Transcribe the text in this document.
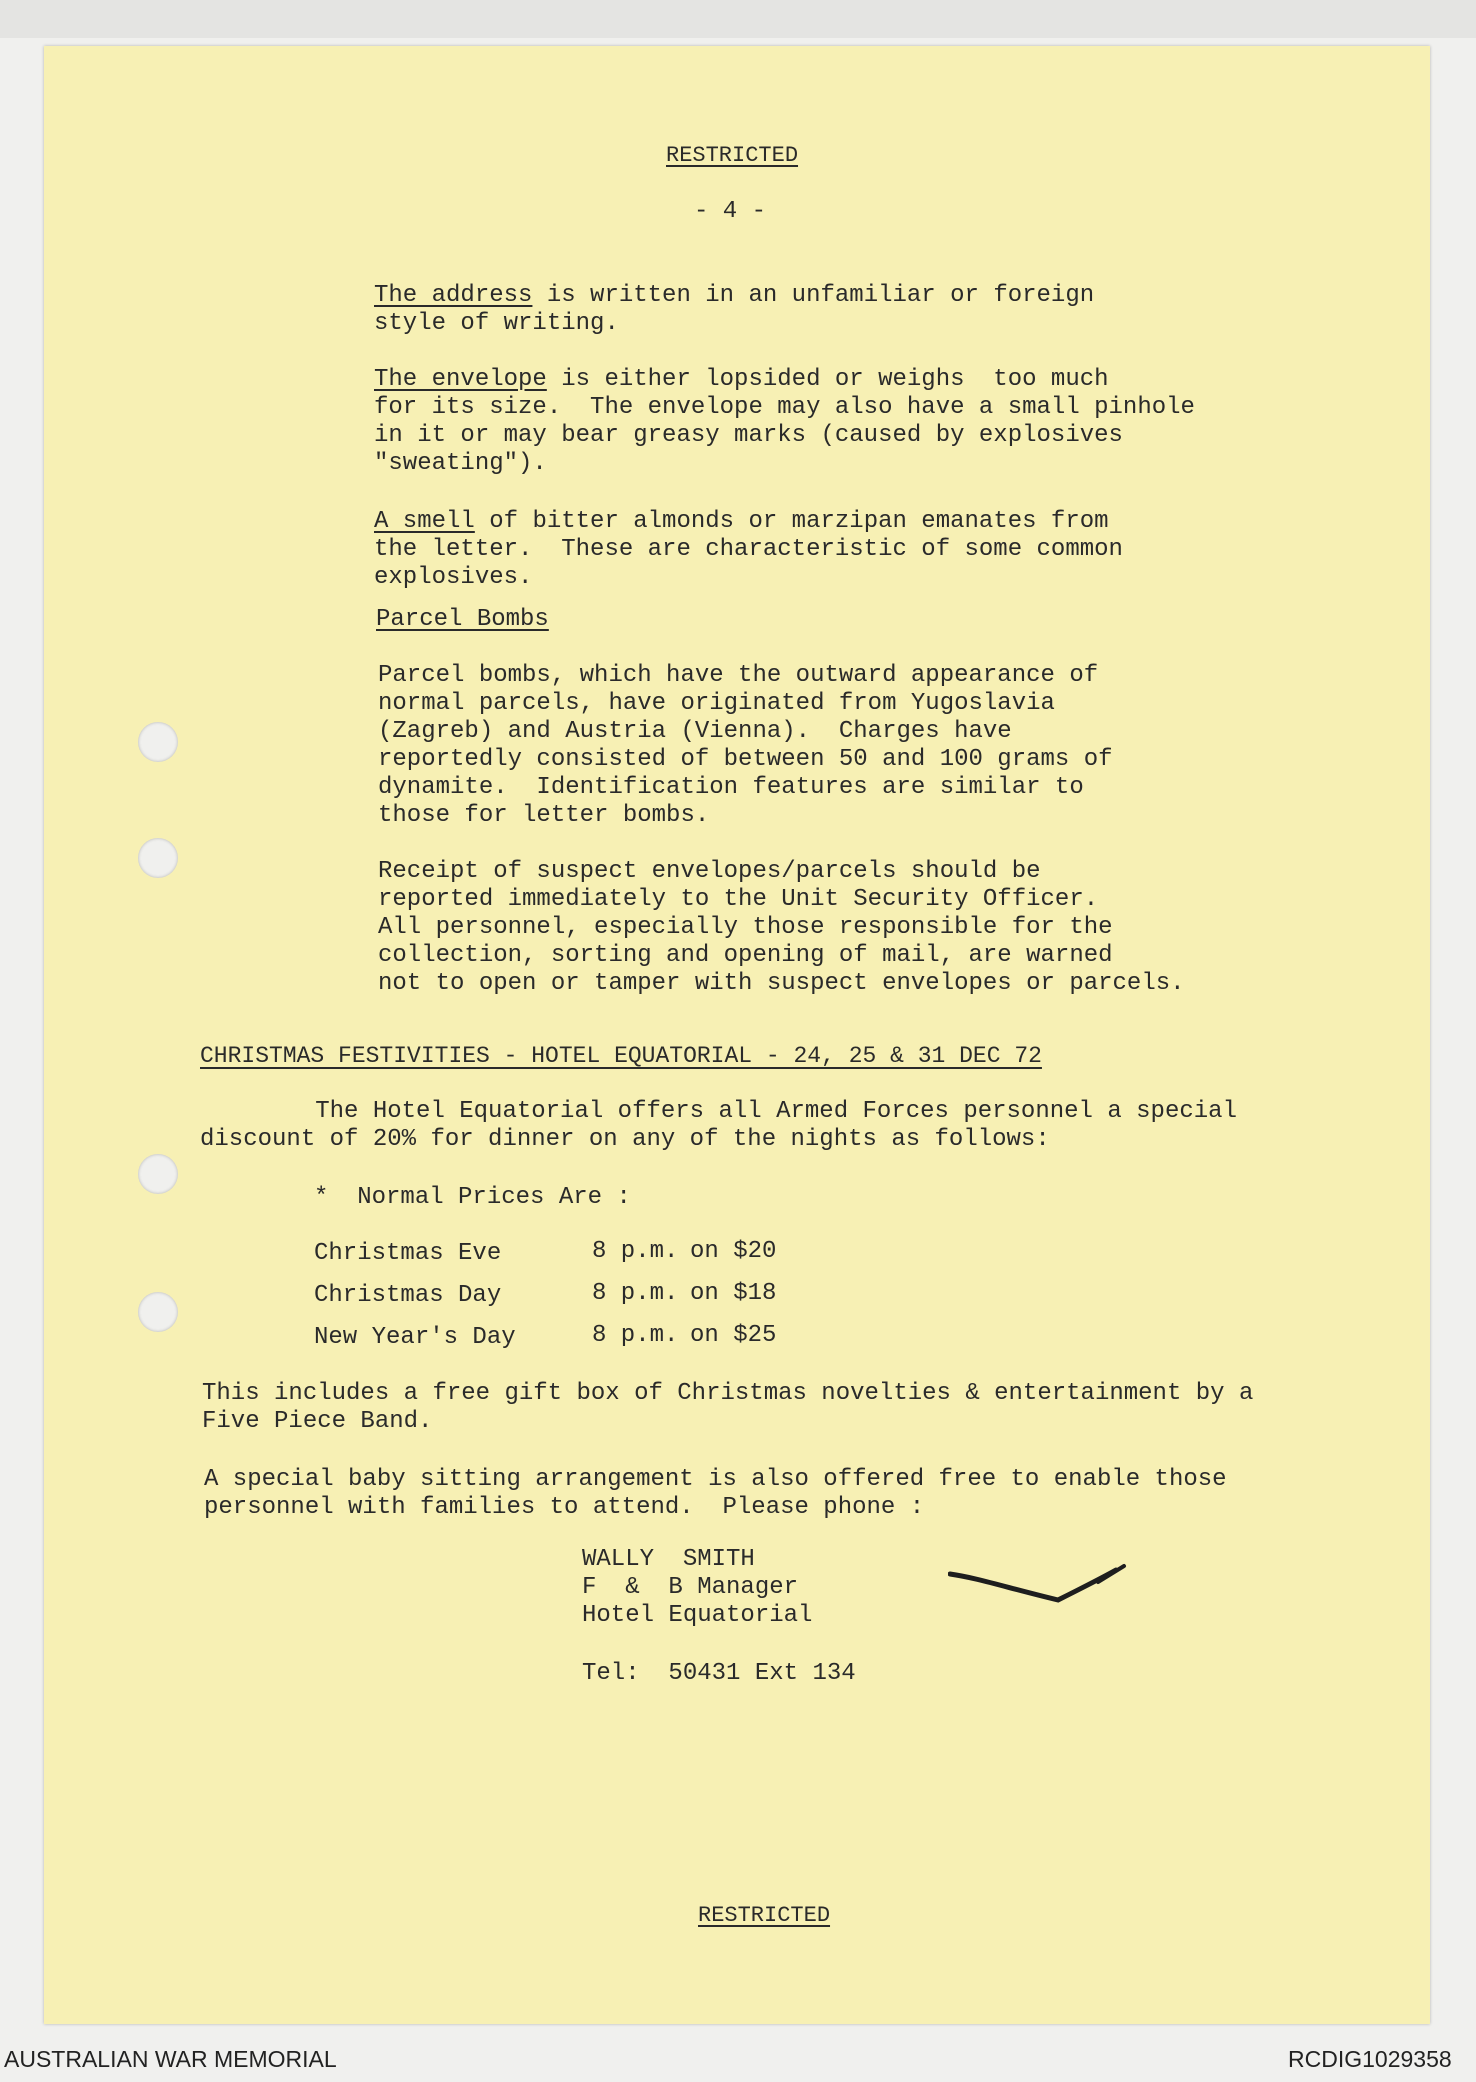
RESTRICTED
- 4 -
The address is written in an unfamiliar or foreign
style of writing.
The envelope is either lopsided or weighs  too much
for its size.  The envelope may also have a small pinhole
in it or may bear greasy marks (caused by explosives
"sweating").
A smell of bitter almonds or marzipan emanates from
the letter.  These are characteristic of some common
explosives.
Parcel Bombs
Parcel bombs, which have the outward appearance of
normal parcels, have originated from Yugoslavia
(Zagreb) and Austria (Vienna).  Charges have
reportedly consisted of between 50 and 100 grams of
dynamite.  Identification features are similar to
those for letter bombs.
Receipt of suspect envelopes/parcels should be
reported immediately to the Unit Security Officer.
All personnel, especially those responsible for the
collection, sorting and opening of mail, are warned
not to open or tamper with suspect envelopes or parcels.
CHRISTMAS FESTIVITIES - HOTEL EQUATORIAL - 24, 25 & 31 DEC 72
The Hotel Equatorial offers all Armed Forces personnel a special
discount of 20% for dinner on any of the nights as follows:
*  Normal Prices Are :
Christmas Eve	8 p.m. on $20
Christmas Day	8 p.m. on $18
New Year's Day	8 p.m. on $25
This includes a free gift box of Christmas novelties & entertainment by a
Five Piece Band.
A special baby sitting arrangement is also offered free to enable those
personnel with families to attend.  Please phone :
WALLY  SMITH
F  &  B Manager
Hotel Equatorial
Tel:  50431 Ext 134
RESTRICTED
AUSTRALIAN WAR MEMORIAL	RCDIG1029358
